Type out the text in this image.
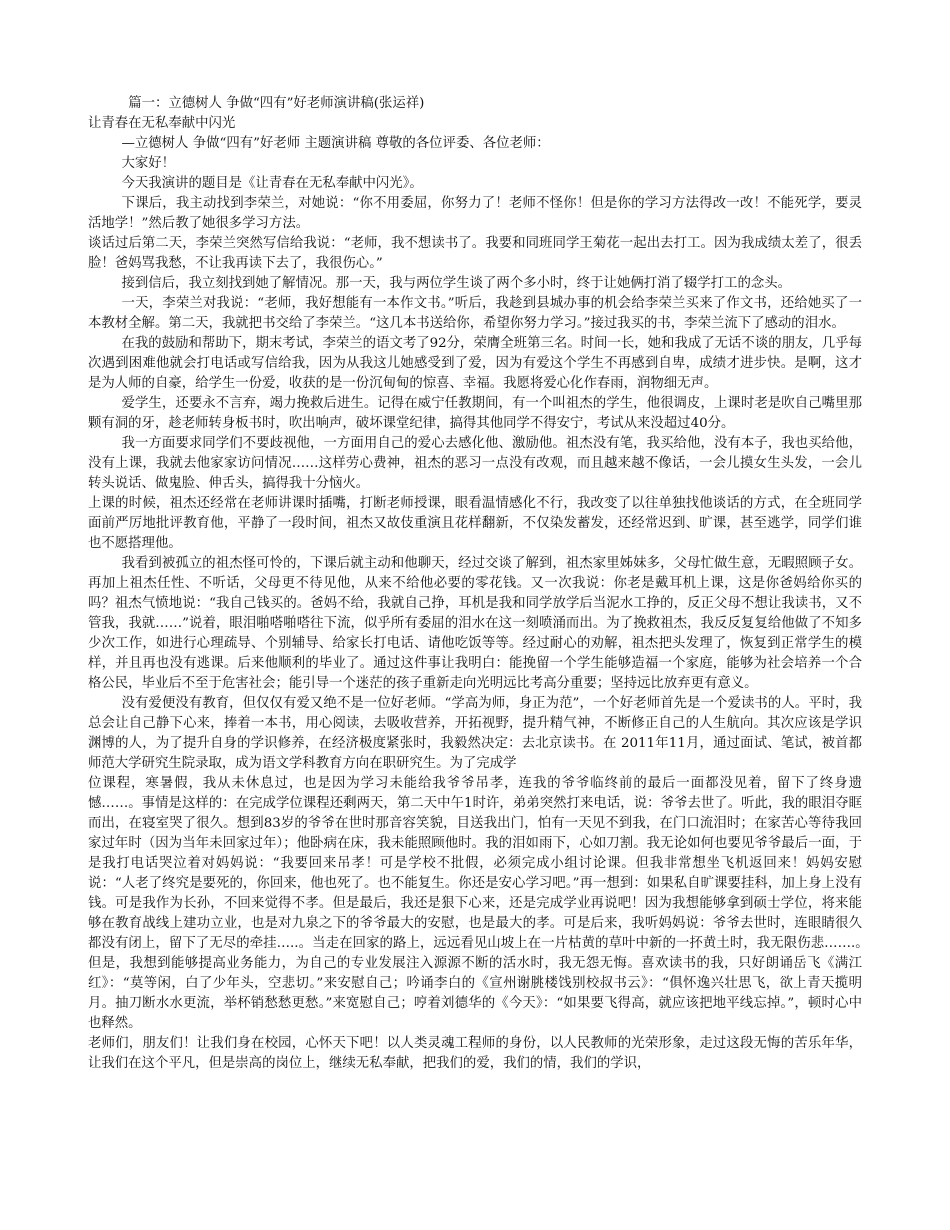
篇一：立德树人 争做“四有”好老师演讲稿(张运祥)

让青春在无私奉献中闪光

—立德树人 争做“四有”好老师 主题演讲稿 尊敬的各位评委、各位老师：

大家好！

今天我演讲的题目是《让青春在无私奉献中闪光》。

下课后，我主动找到李荣兰，对她说：“你不用委屈，你努力了！老师不怪你！但是你的学习方法得改一改！不能死学，要灵活地学！”然后教了她很多学习方法。

谈话过后第二天，李荣兰突然写信给我说：“老师，我不想读书了。我要和同班同学王菊花一起出去打工。因为我成绩太差了，很丢脸！爸妈骂我愁，不让我再读下去了，我很伤心。”

接到信后，我立刻找到她了解情况。那一天，我与两位学生谈了两个多小时，终于让她俩打消了辍学打工的念头。

一天，李荣兰对我说：“老师，我好想能有一本作文书。”听后，我趁到县城办事的机会给李荣兰买来了作文书，还给她买了一本教材全解。第二天，我就把书交给了李荣兰。“这几本书送给你，希望你努力学习。”接过我买的书，李荣兰流下了感动的泪水。

在我的鼓励和帮助下，期末考试，李荣兰的语文考了92分，荣膺全班第三名。时间一长，她和我成了无话不谈的朋友，几乎每次遇到困难他就会打电话或写信给我，因为从我这儿她感受到了爱，因为有爱这个学生不再感到自卑，成绩才进步快。是啊，这才是为人师的自豪，给学生一份爱，收获的是一份沉甸甸的惊喜、幸福。我愿将爱心化作春雨，润物细无声。

爱学生，还要永不言弃，竭力挽救后进生。记得在威宁任教期间，有一个叫祖杰的学生，他很调皮，上课时老是吹自己嘴里那颗有洞的牙，趁老师转身板书时，吹出响声，破坏课堂纪律，搞得其他同学不得安宁，考试从来没超过40分。

我一方面要求同学们不要歧视他，一方面用自己的爱心去感化他、激励他。祖杰没有笔，我买给他，没有本子，我也买给他，没有上课，我就去他家家访问情况……这样劳心费神，祖杰的恶习一点没有改观，而且越来越不像话，一会儿摸女生头发，一会儿转头说话、做鬼脸、伸舌头，搞得我十分恼火。

上课的时候，祖杰还经常在老师讲课时插嘴，打断老师授课，眼看温情感化不行，我改变了以往单独找他谈话的方式，在全班同学面前严厉地批评教育他，平静了一段时间，祖杰又故伎重演且花样翻新，不仅染发蓄发，还经常迟到、旷课，甚至逃学，同学们谁也不愿搭理他。

我看到被孤立的祖杰怪可怜的，下课后就主动和他聊天，经过交谈了解到，祖杰家里姊妹多，父母忙做生意，无暇照顾子女。再加上祖杰任性、不听话，父母更不待见他，从来不给他必要的零花钱。又一次我说：你老是戴耳机上课，这是你爸妈给你买的吗？祖杰气愤地说：“我自己钱买的。爸妈不给，我就自己挣，耳机是我和同学放学后当泥水工挣的，反正父母不想让我读书，又不管我，我就……”说着，眼泪啪嗒啪嗒往下流，似乎所有委屈的泪水在这一刻喷涌而出。为了挽救祖杰，我反反复复给他做了不知多少次工作，如进行心理疏导、个别辅导、给家长打电话、请他吃饭等等。经过耐心的劝解，祖杰把头发理了，恢复到正常学生的模样，并且再也没有逃课。后来他顺利的毕业了。通过这件事让我明白：能挽留一个学生能够造福一个家庭，能够为社会培养一个合格公民，毕业后不至于危害社会；能引导一个迷茫的孩子重新走向光明远比考高分重要；坚持远比放弃更有意义。

没有爱便没有教育，但仅仅有爱又绝不是一位好老师。“学高为师，身正为范”，一个好老师首先是一个爱读书的人。平时，我总会让自己静下心来，捧着一本书，用心阅读，去吸收营养，开拓视野，提升精气神，不断修正自己的人生航向。其次应该是学识渊博的人，为了提升自身的学识修养，在经济极度紧张时，我毅然决定：去北京读书。在 2011年11月，通过面试、笔试，被首都师范大学研究生院录取，成为语文学科教育方向在职研究生。为了完成学

位课程，寒暑假，我从未休息过，也是因为学习未能给我爷爷吊孝，连我的爷爷临终前的最后一面都没见着，留下了终身遗憾……。事情是这样的：在完成学位课程还剩两天，第二天中午1时许，弟弟突然打来电话，说：爷爷去世了。听此，我的眼泪夺眶而出，在寝室哭了很久。想到83岁的爷爷在世时那音容笑貌，目送我出门，怕有一天见不到我，在门口流泪时；在家苦心等待我回家过年时（因为当年未回家过年）；他卧病在床，我未能照顾他时。我的泪如雨下，心如刀割。我无论如何也要见爷爷最后一面，于是我打电话哭泣着对妈妈说：“我要回来吊孝！可是学校不批假，必须完成小组讨论课。但我非常想坐飞机返回来！妈妈安慰说：“人老了终究是要死的，你回来，他也死了。也不能复生。你还是安心学习吧。”再一想到：如果私自旷课要挂科，加上身上没有钱。可是我作为长孙，不回来觉得不孝。但是最后，我还是狠下心来，还是完成学业再说吧！因为我想能够拿到硕士学位，将来能够在教育战线上建功立业，也是对九泉之下的爷爷最大的安慰，也是最大的孝。可是后来，我听妈妈说：爷爷去世时，连眼睛很久都没有闭上，留下了无尽的牵挂…..。当走在回家的路上，远远看见山坡上在一片枯黄的草叶中新的一抔黄土时，我无限伤悲…….。　　但是，我想到能够提高业务能力，为自己的专业发展注入源源不断的活水时，我无怨无悔。喜欢读书的我，只好朗诵岳飞《满江红》：“莫等闲，白了少年头，空悲切。”来安慰自己；吟诵李白的《宣州谢朓楼饯别校叔书云》：“俱怀逸兴壮思飞，欲上青天揽明月。抽刀断水水更流，举杯销愁愁更愁。”来宽慰自己；哼着刘德华的《今天》：“如果要飞得高，就应该把地平线忘掉。”，顿时心中也释然。

老师们，朋友们！让我们身在校园，心怀天下吧！以人类灵魂工程师的身份，以人民教师的光荣形象，走过这段无悔的苦乐年华，让我们在这个平凡，但是崇高的岗位上，继续无私奉献，把我们的爱，我们的情，我们的学识，
